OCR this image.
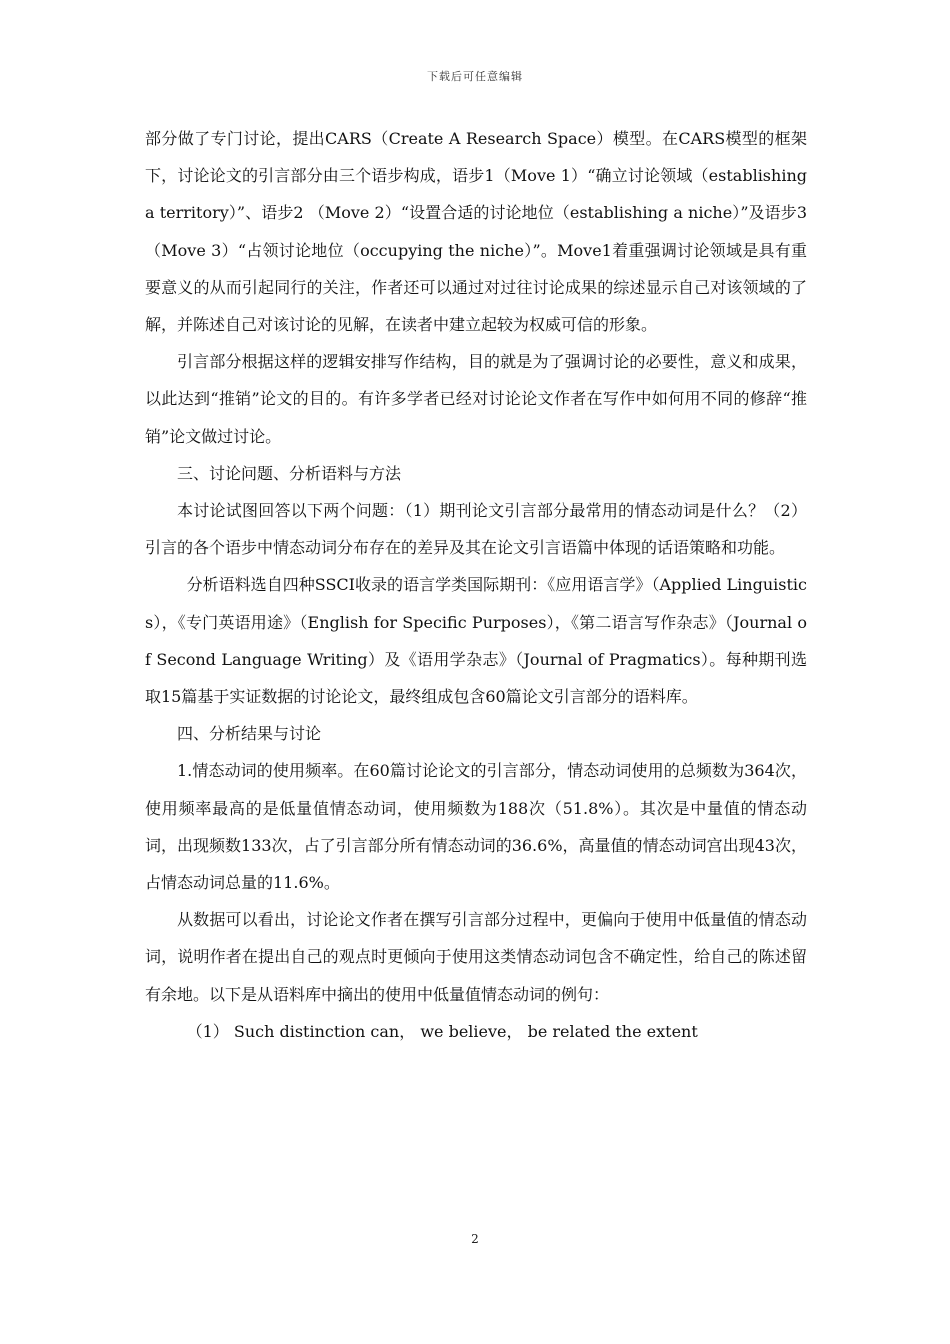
下载后可任意编辑

部分做了专门讨论，提出CARS（Create A Research Space）模型。在CARS模型的框架下，讨论论文的引言部分由三个语步构成，语步1（Move 1）“确立讨论领域（establishing a territory）”、语步2 （Move 2）“设置合适的讨论地位（establishing a niche）”及语步3 （Move 3）“占领讨论地位（occupying the niche）”。Move1着重强调讨论领域是具有重要意义的从而引起同行的关注，作者还可以通过对过往讨论成果的综述显示自己对该领域的了解，并陈述自己对该讨论的见解，在读者中建立起较为权威可信的形象。

引言部分根据这样的逻辑安排写作结构，目的就是为了强调讨论的必要性，意义和成果，以此达到“推销”论文的目的。有许多学者已经对讨论论文作者在写作中如何用不同的修辞“推销”论文做过讨论。

三、讨论问题、分析语料与方法

本讨论试图回答以下两个问题：（1）期刊论文引言部分最常用的情态动词是什么？（2）引言的各个语步中情态动词分布存在的差异及其在论文引言语篇中体现的话语策略和功能。

分析语料选自四种SSCI收录的语言学类国际期刊：《应用语言学》（Applied Linguistics），《专门英语用途》（English for Specific Purposes），《第二语言写作杂志》（Journal of Second Language Writing）及《语用学杂志》（Journal of Pragmatics）。每种期刊选取15篇基于实证数据的讨论论文，最终组成包含60篇论文引言部分的语料库。

四、分析结果与讨论

1.情态动词的使用频率。在60篇讨论论文的引言部分，情态动词使用的总频数为364次，使用频率最高的是低量值情态动词，使用频数为188次（51.8%）。其次是中量值的情态动词，出现频数133次，占了引言部分所有情态动词的36.6%，高量值的情态动词宫出现43次，占情态动词总量的11.6%。

从数据可以看出，讨论论文作者在撰写引言部分过程中，更偏向于使用中低量值的情态动词，说明作者在提出自己的观点时更倾向于使用这类情态动词包含不确定性，给自己的陈述留有余地。以下是从语料库中摘出的使用中低量值情态动词的例句：

（1） Such distinction can， we believe， be related the extent

2
